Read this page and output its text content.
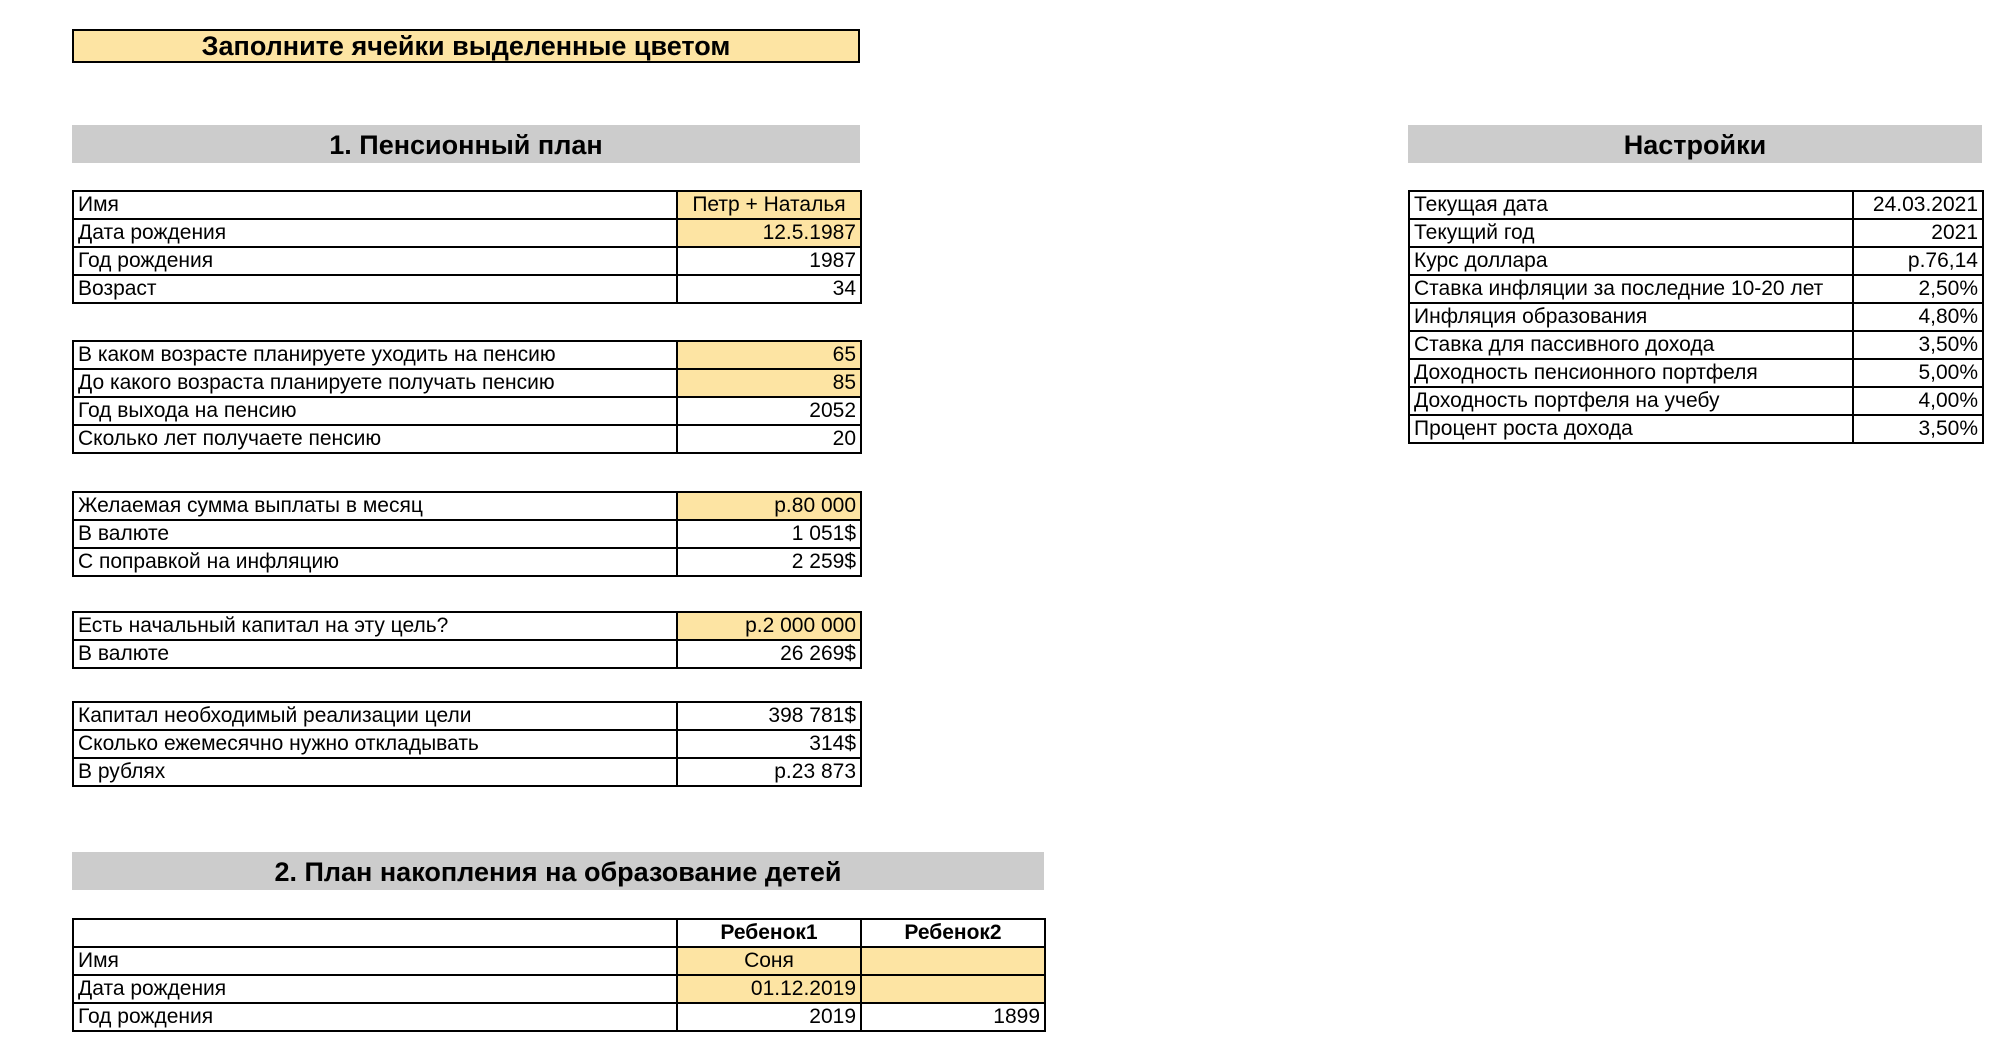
Заполните ячейки выделенные цветом
1. Пенсионный план
Имя	Петр + Наталья
Дата рождения	12.5.1987
Год рождения	1987
Возраст	34
В каком возрасте планируете уходить на пенсию	65
До какого возраста планируете получать пенсию	85
Год выхода на пенсию	2052
Сколько лет получаете пенсию	20
Желаемая сумма выплаты в месяц	р.80 000
В валюте	1 051$
С поправкой на инфляцию	2 259$
Есть начальный капитал на эту цель?	р.2 000 000
В валюте	26 269$
Капитал необходимый реализации цели	398 781$
Сколько ежемесячно нужно откладывать	314$
В рублях	р.23 873
Настройки
Текущая дата	24.03.2021
Текущий год	2021
Курс доллара	р.76,14
Ставка инфляции за последние 10-20 лет	2,50%
Инфляция образования	4,80%
Ставка для пассивного дохода	3,50%
Доходность пенсионного портфеля	5,00%
Доходность портфеля на учебу	4,00%
Процент роста дохода	3,50%
2. План накопления на образование детей
	Ребенок1	Ребенок2
Имя	Соня	
Дата рождения	01.12.2019	
Год рождения	2019	1899
